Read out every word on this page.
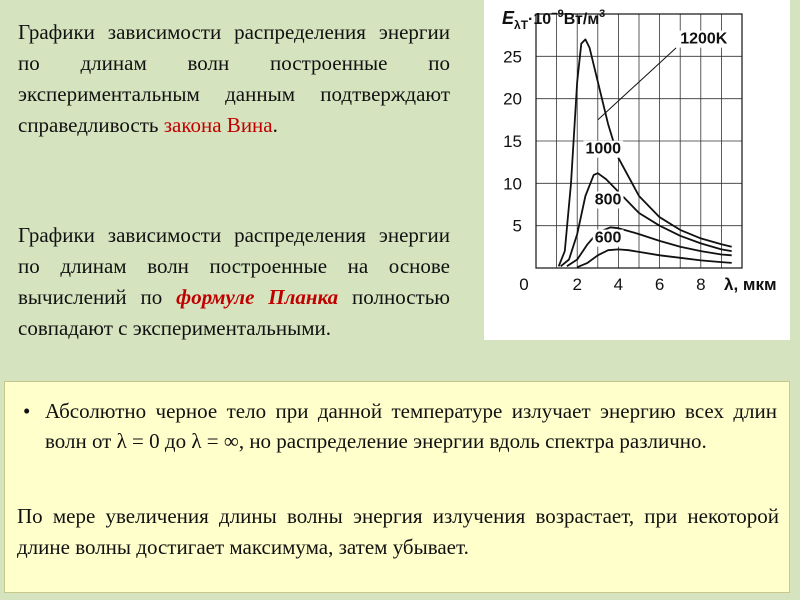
Графики зависимости распределения энергии по длинам волн построенные по экспериментальным данным подтверждают справедливость закона Вина.
Графики зависимости распределения энергии по длинам волн построенные на основе вычислений по формуле Планка полностью совпадают с экспериментальными.
5
10
15
20
25
0	2 4 6 8 λ, мкм
$E_{\lambda T}\cdot 10^{-9}Вт/м^3$
1200K
1000
800
600
• Абсолютно черное тело при данной температуре излучает энергию всех длин волн от λ = 0 до λ = ∞, но распределение энергии вдоль спектра различно.
По мере увеличения длины волны энергия излучения возрастает, при некоторой длине волны достигает максимума, затем убывает.
